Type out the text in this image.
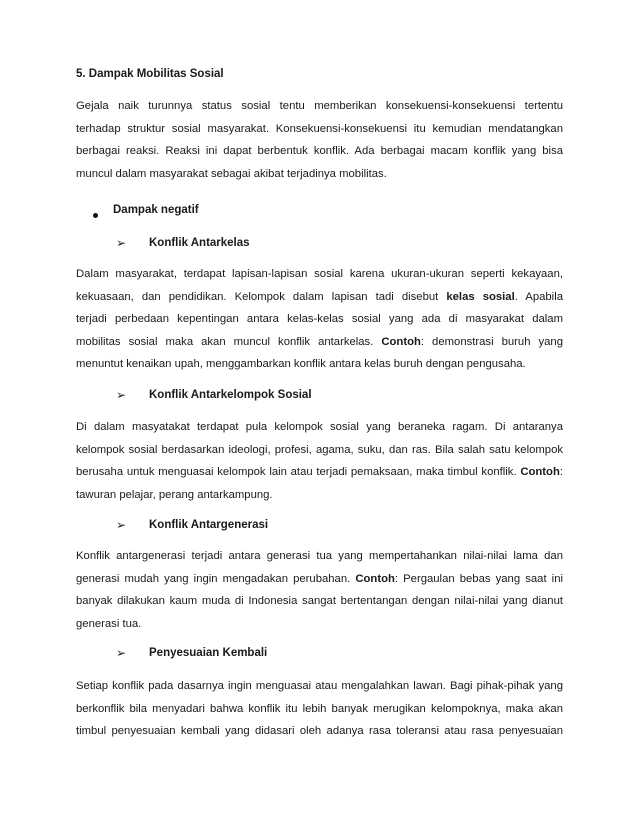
5. Dampak Mobilitas Sosial
Gejala naik turunnya status sosial tentu memberikan konsekuensi-konsekuensi tertentu
terhadap struktur sosial masyarakat. Konsekuensi-konsekuensi itu kemudian mendatangkan
berbagai reaksi. Reaksi ini dapat berbentuk konflik. Ada berbagai macam konflik yang bisa
muncul dalam masyarakat sebagai akibat terjadinya mobilitas.
Dampak negatif
➢ Konflik Antarkelas
Dalam masyarakat, terdapat lapisan-lapisan sosial karena ukuran-ukuran seperti kekayaan,
kekuasaan, dan pendidikan. Kelompok dalam lapisan tadi disebut kelas sosial. Apabila
terjadi perbedaan kepentingan antara kelas-kelas sosial yang ada di masyarakat dalam
mobilitas sosial maka akan muncul konflik antarkelas. Contoh: demonstrasi buruh yang
menuntut kenaikan upah, menggambarkan konflik antara kelas buruh dengan pengusaha.
➢ Konflik Antarkelompok Sosial
Di dalam masyatakat terdapat pula kelompok sosial yang beraneka ragam. Di antaranya
kelompok sosial berdasarkan ideologi, profesi, agama, suku, dan ras. Bila salah satu kelompok
berusaha untuk menguasai kelompok lain atau terjadi pemaksaan, maka timbul konflik. Contoh:
tawuran pelajar, perang antarkampung.
➢ Konflik Antargenerasi
Konflik antargenerasi terjadi antara generasi tua yang mempertahankan nilai-nilai lama dan
generasi mudah yang ingin mengadakan perubahan. Contoh: Pergaulan bebas yang saat ini
banyak dilakukan kaum muda di Indonesia sangat bertentangan dengan nilai-nilai yang dianut
generasi tua.
➢ Penyesuaian Kembali
Setiap konflik pada dasarnya ingin menguasai atau mengalahkan lawan. Bagi pihak-pihak yang
berkonflik bila menyadari bahwa konflik itu lebih banyak merugikan kelompoknya, maka akan
timbul penyesuaian kembali yang didasari oleh adanya rasa toleransi atau rasa penyesuaian
